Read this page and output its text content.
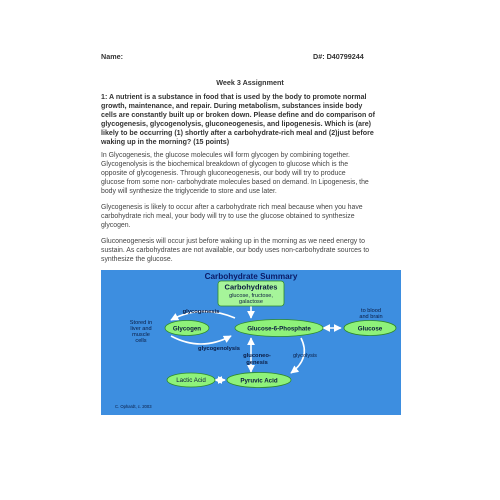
Name:	D#: D40799244
Week 3 Assignment
1: A nutrient is a substance in food that is used by the body to promote normal
growth, maintenance, and repair. During metabolism, substances inside body
cells are constantly built up or broken down. Please define and do comparison of
glycogenesis, glycogenolysis, gluconeogenesis, and lipogenesis. Which is (are)
likely to be occurring (1) shortly after a carbohydrate-rich meal and (2)just before
waking up in the morning? (15 points)
In Glycogenesis, the glucose molecules will form glycogen by combining together.
Glycogenolysis is the biochemical breakdown of glycogen to glucose which is the
opposite of glycogenesis. Through gluconeogenesis, our body will try to produce
glucose from some non- carbohydrate molecules based on demand. In Lipogenesis, the
body will synthesize the triglyceride to store and use later.
Glycogenesis is likely to occur after a carbohydrate rich meal because when you have
carbohydrate rich meal, your body will try to use the glucose obtained to synthesize
glycogen.
Gluconeogenesis will occur just before waking up in the morning as we need energy to
sustain. As carbohydrates are not available, our body uses non-carbohydrate sources to
synthesize the glucose.
Carbohydrate Summary
Carbohydrates
glucose, fructose,
galactose
Stored in
liver and
muscle
cells
glycogenesis
Glycogen	Glucose-6-Phosphate
to blood
and brain
Glucose
glycogenolysis
gluconeo-
genesis
glycolysis
Lactic Acid	Pyruvic Acid
C. Ophardt, c. 2003
